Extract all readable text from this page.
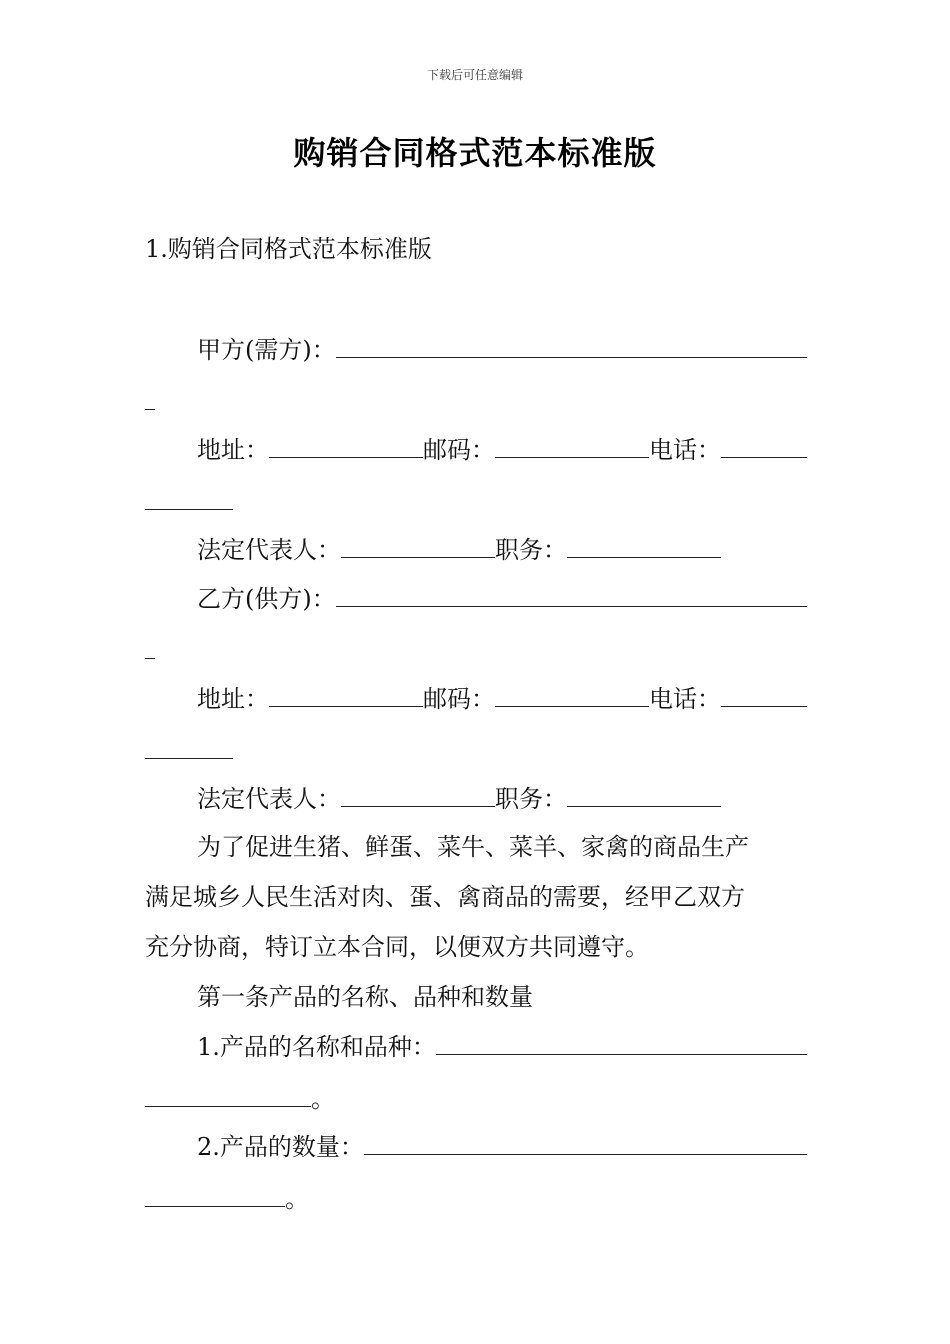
下载后可任意编辑
购销合同格式范本标准版
1.购销合同格式范本标准版
甲方(需方)：
地址：	邮码：	电话：
法定代表人：	职务：
乙方(供方)：
地址：	邮码：	电话：
法定代表人：	职务：
为了促进生猪、鲜蛋、菜牛、菜羊、家禽的商品生产
满足城乡人民生活对肉、蛋、禽商品的需要，经甲乙双方
充分协商，特订立本合同，以便双方共同遵守。
第一条产品的名称、品种和数量
1.产品的名称和品种：
。
2.产品的数量：
。
